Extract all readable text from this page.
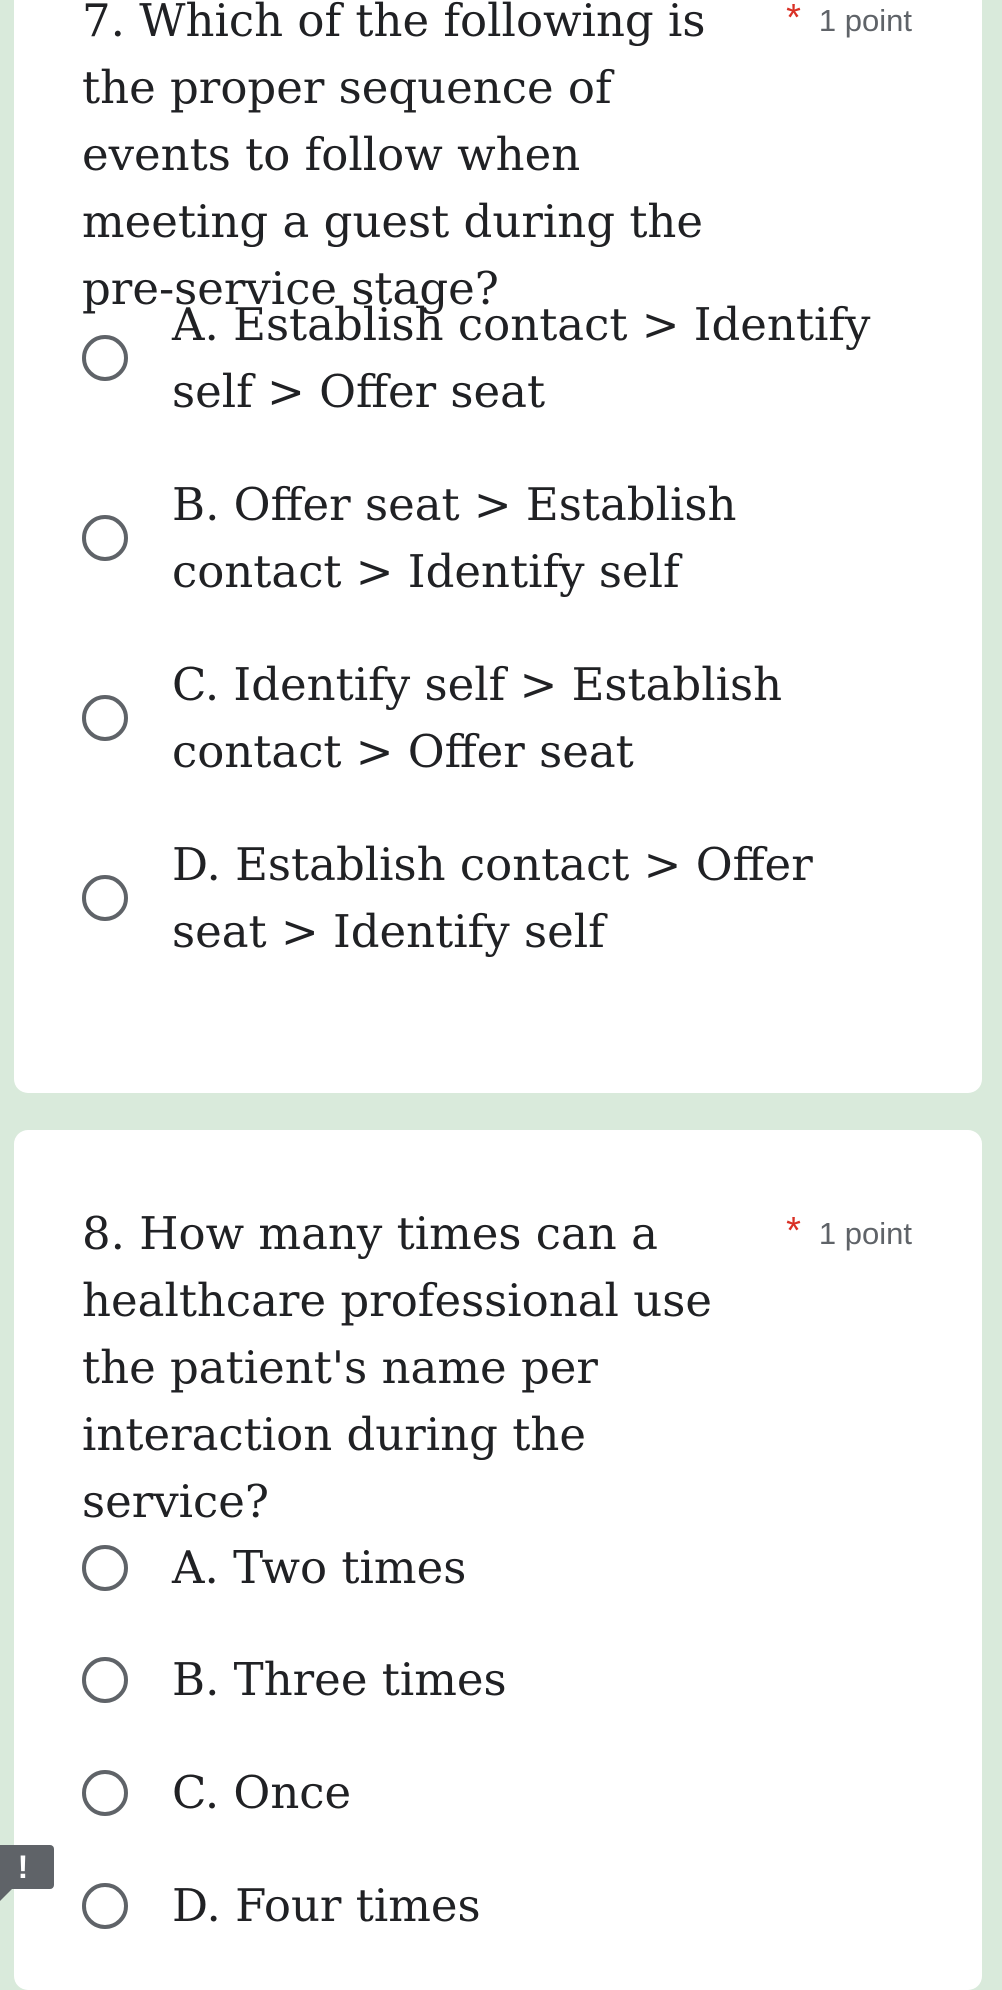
7. Which of the following is the proper sequence of events to follow when meeting a guest during the pre-service stage?
* 1 point
A. Establish contact > Identify self > Offer seat
B. Offer seat > Establish contact > Identify self
C. Identify self > Establish contact > Offer seat
D. Establish contact > Offer seat > Identify self
8. How many times can a healthcare professional use the patient's name per interaction during the service?
* 1 point
A. Two times
B. Three times
C. Once
D. Four times
!
